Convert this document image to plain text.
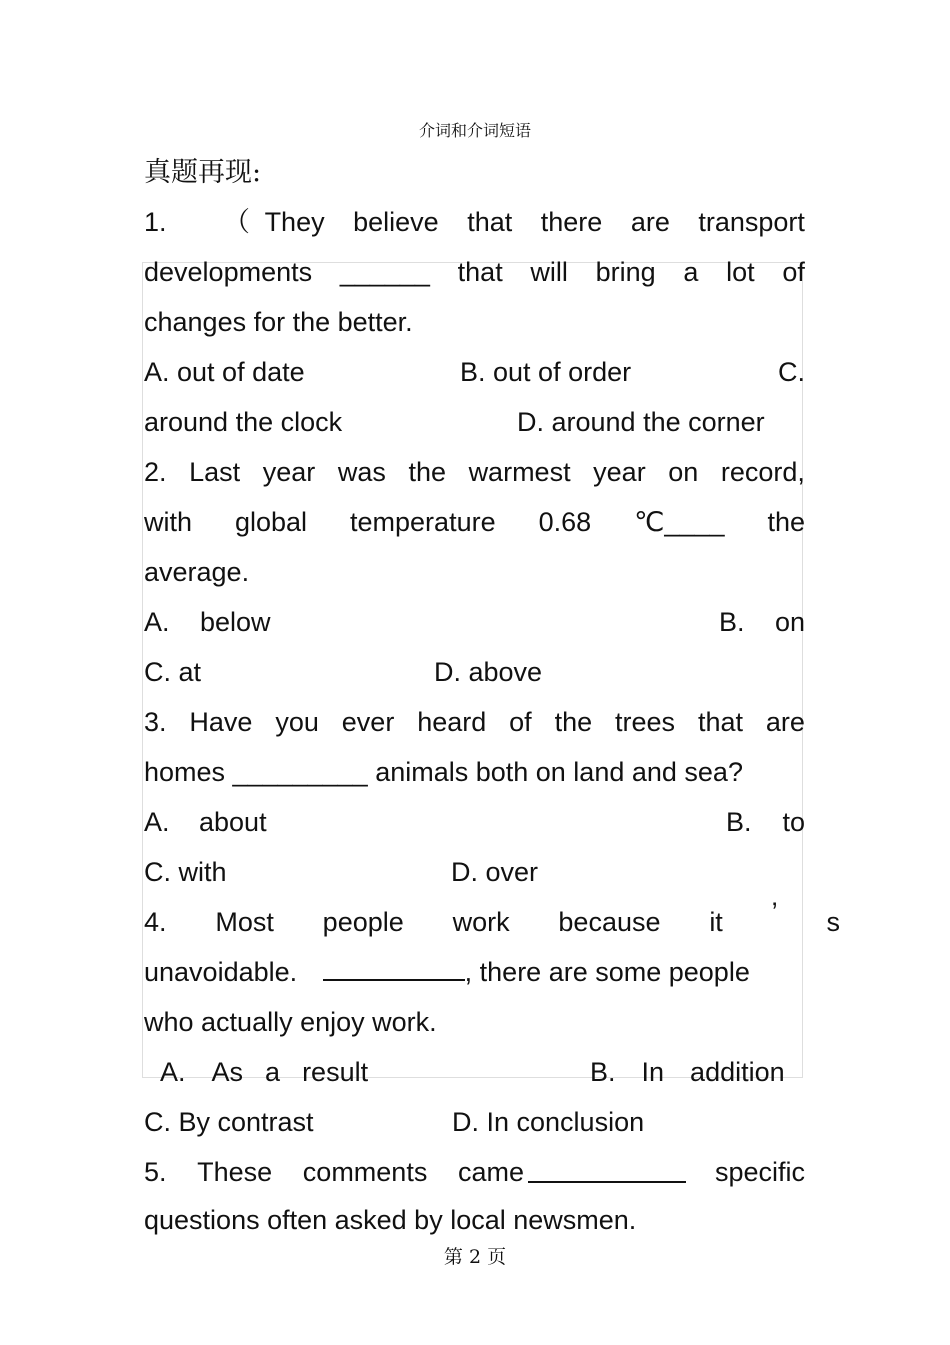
介词和介词短语
真题再现:
1. （ They believe that there are transport
developments ______ that will bring a lot of
changes for the better.
A. out of date	B. out of order	C.
around the clock	D. around the corner
2. Last year was the warmest year on record,
with global temperature 0.68 ℃____ the
average.
A. below	B. on
C. at	D. above
3. Have you ever heard of the trees that are
homes _________ animals both on land and sea?
A. about	B. to
C. with	D. over
4. Most people work because it ’ s
unavoidable.	, there are some people
who actually enjoy work.
A. As a result	B. In addition
C. By contrast	D. In conclusion
5. These comments came	specific
questions often asked by local newsmen.
第 2 页
